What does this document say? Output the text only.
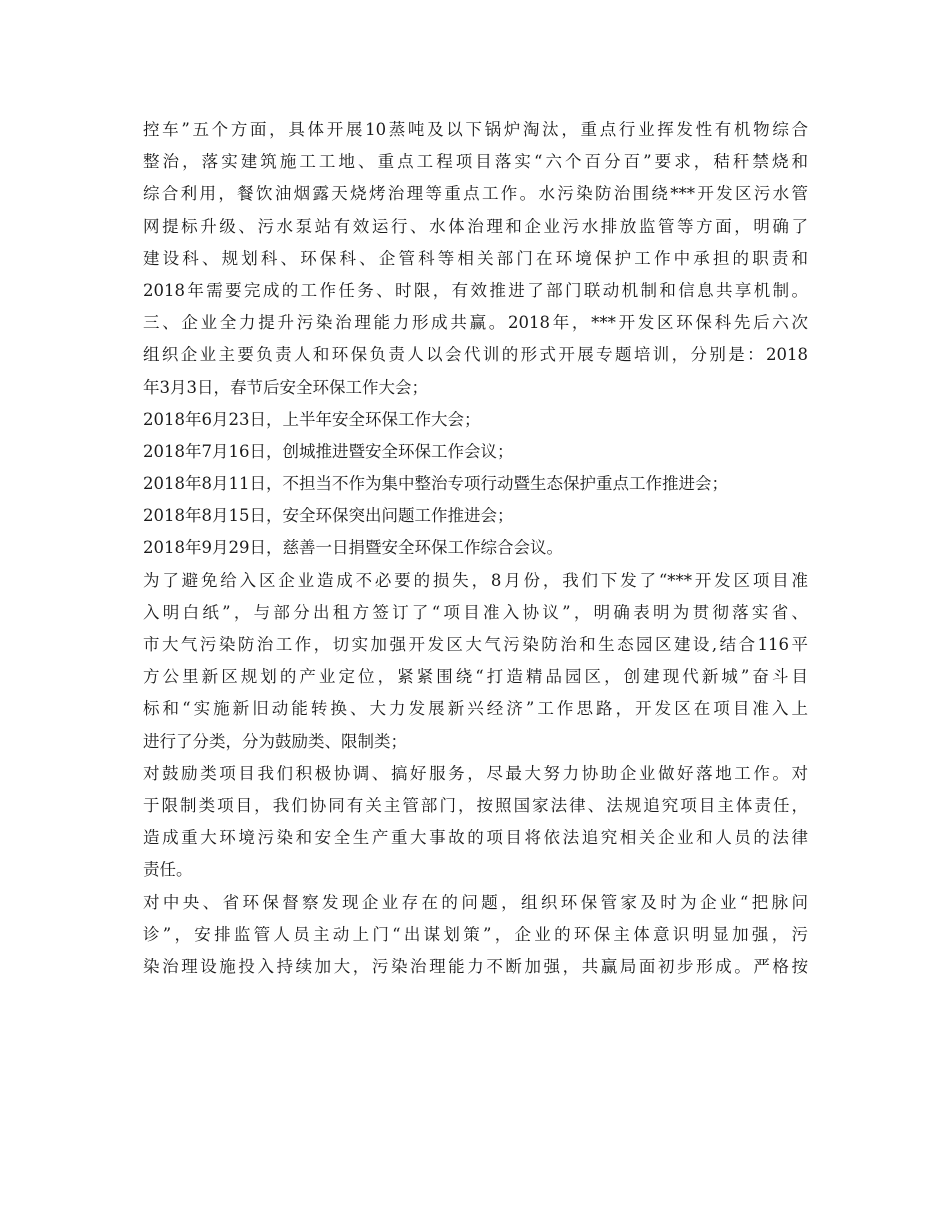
控车”五个方面，具体开展10蒸吨及以下锅炉淘汰，重点行业挥发性有机物综合
整治，落实建筑施工工地、重点工程项目落实“六个百分百”要求，秸秆禁烧和
综合利用，餐饮油烟露天烧烤治理等重点工作。水污染防治围绕***开发区污水管
网提标升级、污水泵站有效运行、水体治理和企业污水排放监管等方面，明确了
建设科、规划科、环保科、企管科等相关部门在环境保护工作中承担的职责和
2018年需要完成的工作任务、时限，有效推进了部门联动机制和信息共享机制。
三、企业全力提升污染治理能力形成共赢。2018年，***开发区环保科先后六次
组织企业主要负责人和环保负责人以会代训的形式开展专题培训，分别是：2018
年3月3日，春节后安全环保工作大会；
2018年6月23日，上半年安全环保工作大会；
2018年7月16日，创城推进暨安全环保工作会议；
2018年8月11日，不担当不作为集中整治专项行动暨生态保护重点工作推进会；
2018年8月15日，安全环保突出问题工作推进会；
2018年9月29日，慈善一日捐暨安全环保工作综合会议。
为了避免给入区企业造成不必要的损失，8月份，我们下发了“***开发区项目准
入明白纸”，与部分出租方签订了“项目准入协议”，明确表明为贯彻落实省、
市大气污染防治工作，切实加强开发区大气污染防治和生态园区建设,结合116平
方公里新区规划的产业定位，紧紧围绕“打造精品园区，创建现代新城”奋斗目
标和“实施新旧动能转换、大力发展新兴经济”工作思路，开发区在项目准入上
进行了分类，分为鼓励类、限制类；
对鼓励类项目我们积极协调、搞好服务，尽最大努力协助企业做好落地工作。对
于限制类项目，我们协同有关主管部门，按照国家法律、法规追究项目主体责任，
造成重大环境污染和安全生产重大事故的项目将依法追究相关企业和人员的法律
责任。
对中央、省环保督察发现企业存在的问题，组织环保管家及时为企业“把脉问
诊”，安排监管人员主动上门“出谋划策”，企业的环保主体意识明显加强，污
染治理设施投入持续加大，污染治理能力不断加强，共赢局面初步形成。严格按
